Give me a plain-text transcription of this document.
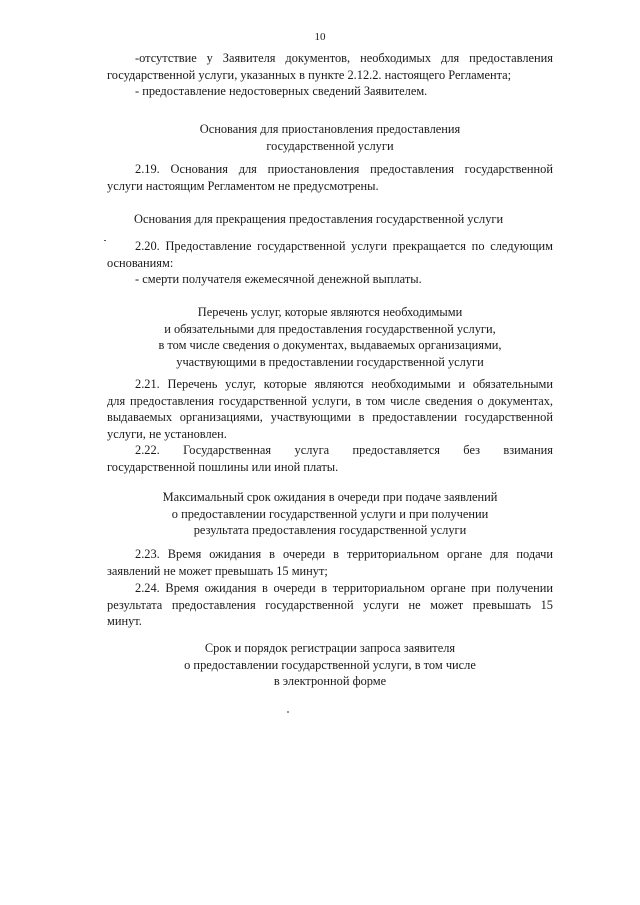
10
-отсутствие у Заявителя документов, необходимых для предоставления
государственной услуги, указанных в пункте 2.12.2. настоящего Регламента;
- предоставление недостоверных сведений Заявителем.
Основания для приостановления предоставления
государственной услуги
2.19. Основания для приостановления предоставления государственной
услуги настоящим Регламентом не предусмотрены.
Основания для прекращения предоставления государственной услуги
2.20. Предоставление государственной услуги прекращается по следующим
основаниям:
- смерти получателя ежемесячной денежной выплаты.
Перечень услуг, которые являются необходимыми
и обязательными для предоставления государственной услуги,
в том числе сведения о документах, выдаваемых организациями,
участвующими в предоставлении государственной услуги
2.21. Перечень услуг, которые являются необходимыми и обязательными
для предоставления государственной услуги, в том числе сведения о документах,
выдаваемых организациями, участвующими в предоставлении государственной
услуги, не установлен.
2.22. Государственная услуга предоставляется без взимания
государственной пошлины или иной платы.
Максимальный срок ожидания в очереди при подаче заявлений
о предоставлении государственной услуги и при получении
результата предоставления государственной услуги
2.23. Время ожидания в очереди в территориальном органе для подачи
заявлений не может превышать 15 минут;
2.24. Время ожидания в очереди в территориальном органе при получении
результата предоставления государственной услуги не может превышать 15
минут.
Срок и порядок регистрации запроса заявителя
о предоставлении государственной услуги, в том числе
в электронной форме
